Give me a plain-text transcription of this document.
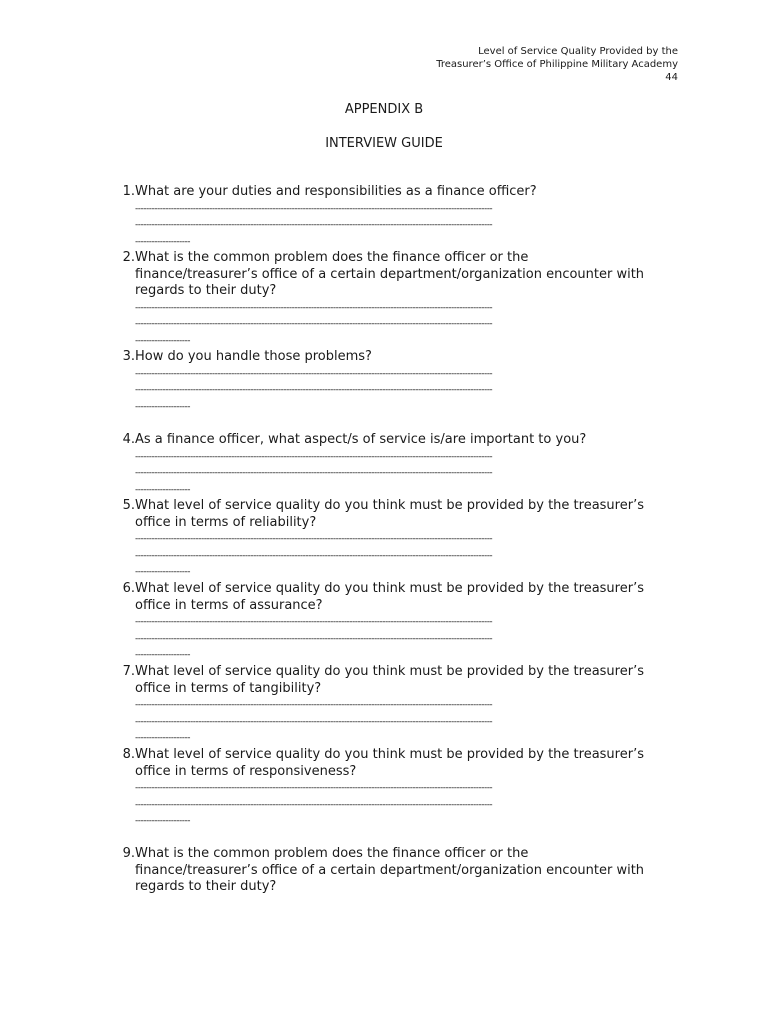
Level of Service Quality Provided by the
Treasurer’s Office of Philippine Military Academy
44
APPENDIX B
INTERVIEW GUIDE
1. What are your duties and responsibilities as a finance officer?
----------------------------------------------------------------------------------------------------------------------------------
----------------------------------------------------------------------------------------------------------------------------------
--------------------
2. What is the common problem does the finance officer or the
finance/treasurer’s office of a certain department/organization encounter with
regards to their duty?
----------------------------------------------------------------------------------------------------------------------------------
----------------------------------------------------------------------------------------------------------------------------------
--------------------
3. How do you handle those problems?
----------------------------------------------------------------------------------------------------------------------------------
----------------------------------------------------------------------------------------------------------------------------------
--------------------
4. As a finance officer, what aspect/s of service is/are important to you?
----------------------------------------------------------------------------------------------------------------------------------
----------------------------------------------------------------------------------------------------------------------------------
--------------------
5. What level of service quality do you think must be provided by the treasurer’s
office in terms of reliability?
----------------------------------------------------------------------------------------------------------------------------------
----------------------------------------------------------------------------------------------------------------------------------
--------------------
6. What level of service quality do you think must be provided by the treasurer’s
office in terms of assurance?
----------------------------------------------------------------------------------------------------------------------------------
----------------------------------------------------------------------------------------------------------------------------------
--------------------
7. What level of service quality do you think must be provided by the treasurer’s
office in terms of tangibility?
----------------------------------------------------------------------------------------------------------------------------------
----------------------------------------------------------------------------------------------------------------------------------
--------------------
8. What level of service quality do you think must be provided by the treasurer’s
office in terms of responsiveness?
----------------------------------------------------------------------------------------------------------------------------------
----------------------------------------------------------------------------------------------------------------------------------
--------------------
9. What is the common problem does the finance officer or the
finance/treasurer’s office of a certain department/organization encounter with
regards to their duty?
